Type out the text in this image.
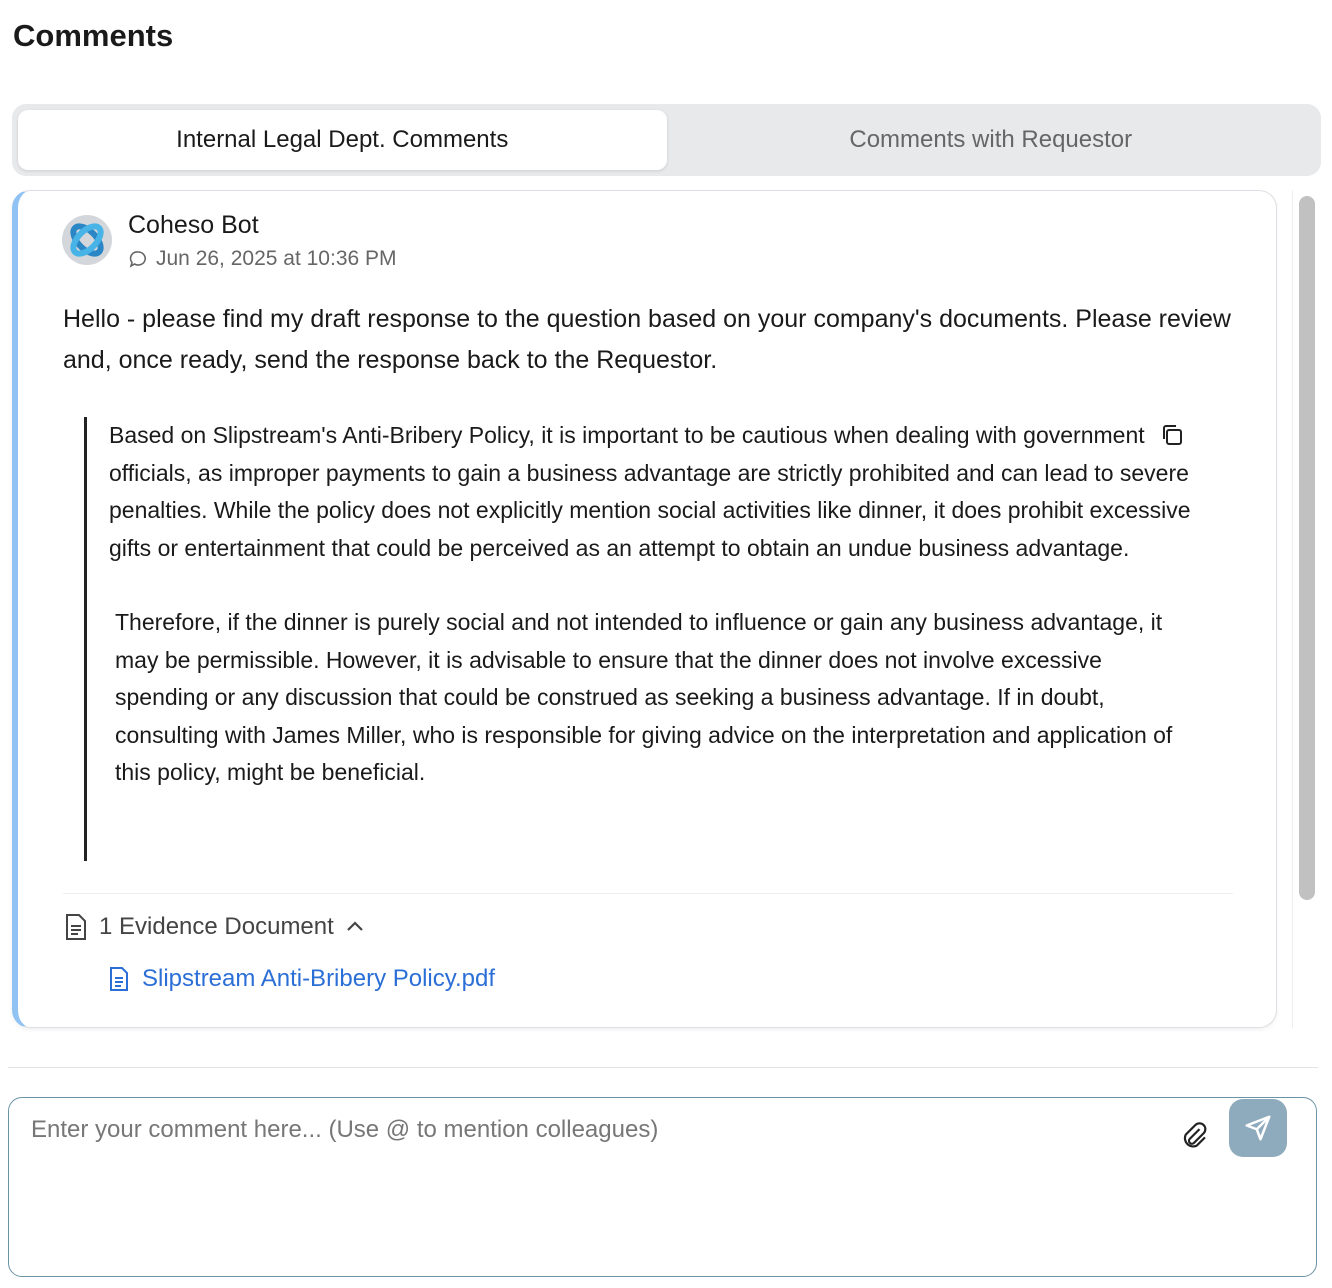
Comments
Internal Legal Dept. Comments	Comments with Requestor
Coheso Bot
Jun 26, 2025 at 10:36 PM
Hello - please find my draft response to the question based on your company's documents. Please review and, once ready, send the response back to the Requestor.

Based on Slipstream's Anti-Bribery Policy, it is important to be cautious when dealing with government officials, as improper payments to gain a business advantage are strictly prohibited and can lead to severe penalties. While the policy does not explicitly mention social activities like dinner, it does prohibit excessive gifts or entertainment that could be perceived as an attempt to obtain an undue business advantage.

Therefore, if the dinner is purely social and not intended to influence or gain any business advantage, it may be permissible. However, it is advisable to ensure that the dinner does not involve excessive spending or any discussion that could be construed as seeking a business advantage. If in doubt, consulting with James Miller, who is responsible for giving advice on the interpretation and application of this policy, might be beneficial.

1 Evidence Document
Slipstream Anti-Bribery Policy.pdf
Enter your comment here... (Use @ to mention colleagues)
